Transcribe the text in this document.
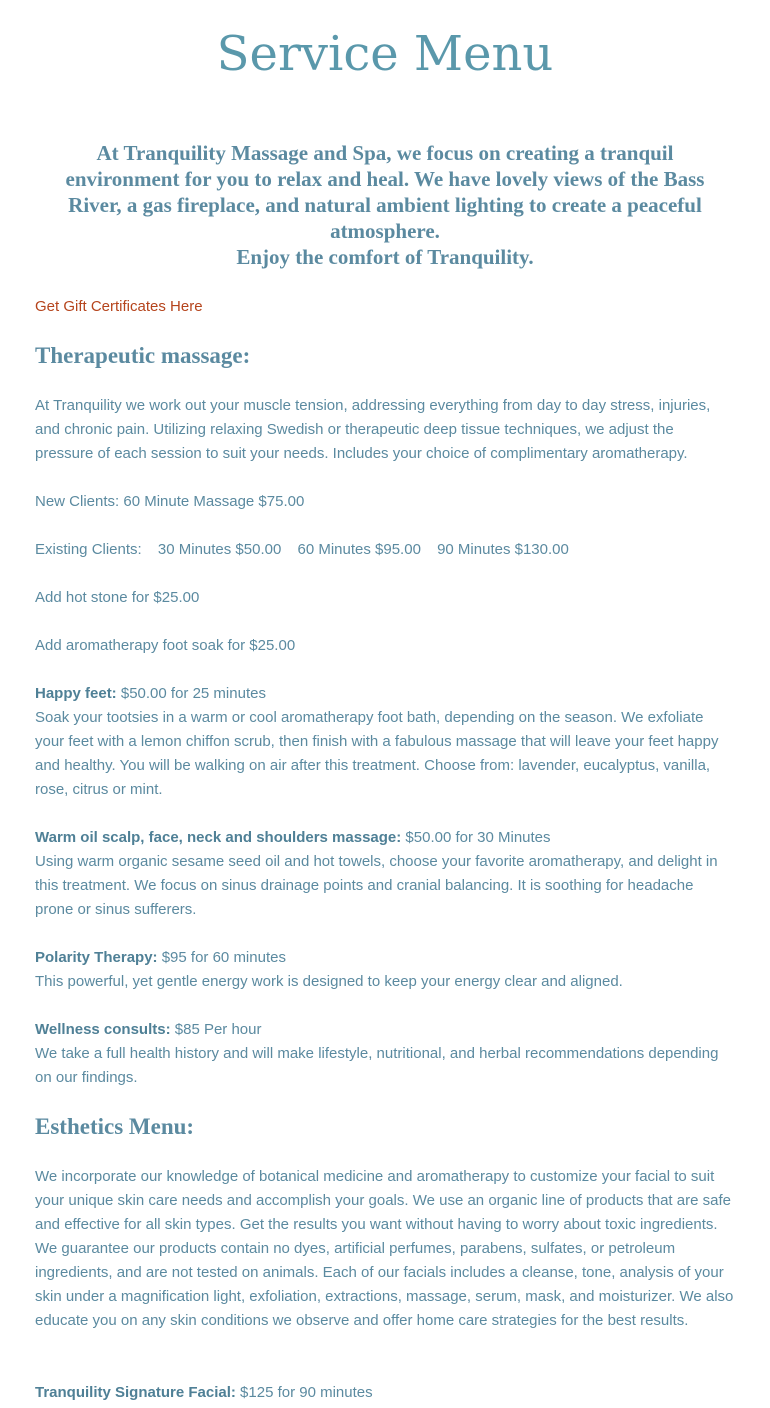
Service Menu
At Tranquility Massage and Spa, we focus on creating a tranquil
environment for you to relax and heal. We have lovely views of the Bass
River, a gas fireplace, and natural ambient lighting to create a peaceful
atmosphere.
Enjoy the comfort of Tranquility.
Get Gift Certificates Here
Therapeutic massage:

At Tranquility we work out your muscle tension, addressing everything from day to day stress, injuries, and chronic pain. Utilizing relaxing Swedish or therapeutic deep tissue techniques, we adjust the pressure of each session to suit your needs. Includes your choice of complimentary aromatherapy.

New Clients: 60 Minute Massage $75.00

Existing Clients: 30 Minutes $50.00 60 Minutes $95.00 90 Minutes $130.00

Add hot stone for $25.00

Add aromatherapy foot soak for $25.00

Happy feet: $50.00 for 25 minutes
Soak your tootsies in a warm or cool aromatherapy foot bath, depending on the season. We exfoliate your feet with a lemon chiffon scrub, then finish with a fabulous massage that will leave your feet happy and healthy. You will be walking on air after this treatment. Choose from: lavender, eucalyptus, vanilla, rose, citrus or mint.

Warm oil scalp, face, neck and shoulders massage: $50.00 for 30 Minutes
Using warm organic sesame seed oil and hot towels, choose your favorite aromatherapy, and delight in this treatment. We focus on sinus drainage points and cranial balancing. It is soothing for headache prone or sinus sufferers.

Polarity Therapy: $95 for 60 minutes
This powerful, yet gentle energy work is designed to keep your energy clear and aligned.

Wellness consults: $85 Per hour
We take a full health history and will make lifestyle, nutritional, and herbal recommendations depending on our findings.

Esthetics Menu:

We incorporate our knowledge of botanical medicine and aromatherapy to customize your facial to suit your unique skin care needs and accomplish your goals. We use an organic line of products that are safe and effective for all skin types. Get the results you want without having to worry about toxic ingredients. We guarantee our products contain no dyes, artificial perfumes, parabens, sulfates, or petroleum ingredients, and are not tested on animals. Each of our facials includes a cleanse, tone, analysis of your skin under a magnification light, exfoliation, extractions, massage, serum, mask, and moisturizer. We also educate you on any skin conditions we observe and offer home care strategies for the best results.

Tranquility Signature Facial: $125 for 90 minutes
